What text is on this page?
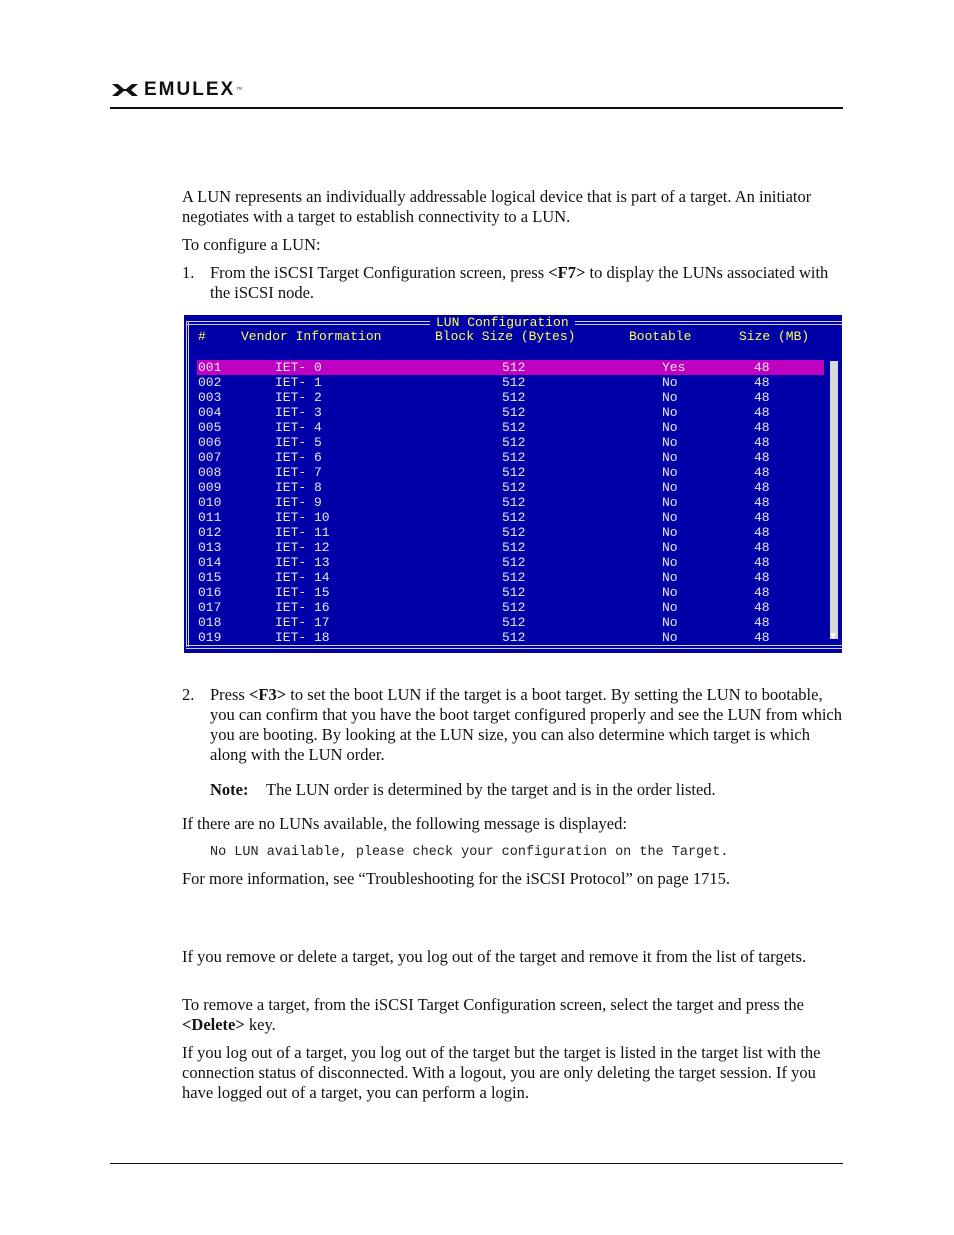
EMULEX ™
A LUN represents an individually addressable logical device that is part of a target. An initiator negotiates with a target to establish connectivity to a LUN.
To configure a LUN:
1. From the iSCSI Target Configuration screen, press <F7> to display the LUNs associated with the iSCSI node.
LUN Configuration
#	Vendor Information	Block Size (Bytes)	Bootable	Size (MB)
001	IET- 0	512	Yes	48
002	IET- 1	512	No	48
003	IET- 2	512	No	48
004	IET- 3	512	No	48
005	IET- 4	512	No	48
006	IET- 5	512	No	48
007	IET- 6	512	No	48
008	IET- 7	512	No	48
009	IET- 8	512	No	48
010	IET- 9	512	No	48
011	IET- 10	512	No	48
012	IET- 11	512	No	48
013	IET- 12	512	No	48
014	IET- 13	512	No	48
015	IET- 14	512	No	48
016	IET- 15	512	No	48
017	IET- 16	512	No	48
018	IET- 17	512	No	48
019	IET- 18	512	No	48	▼
2. Press <F3> to set the boot LUN if the target is a boot target. By setting the LUN to bootable, you can confirm that you have the boot target configured properly and see the LUN from which you are booting. By looking at the LUN size, you can also determine which target is which along with the LUN order.
Note: The LUN order is determined by the target and is in the order listed.
If there are no LUNs available, the following message is displayed:
No LUN available, please check your configuration on the Target.
For more information, see “Troubleshooting for the iSCSI Protocol” on page 1715.
If you remove or delete a target, you log out of the target and remove it from the list of targets.
To remove a target, from the iSCSI Target Configuration screen, select the target and press the <Delete> key.
If you log out of a target, you log out of the target but the target is listed in the target list with the connection status of disconnected. With a logout, you are only deleting the target session. If you have logged out of a target, you can perform a login.
